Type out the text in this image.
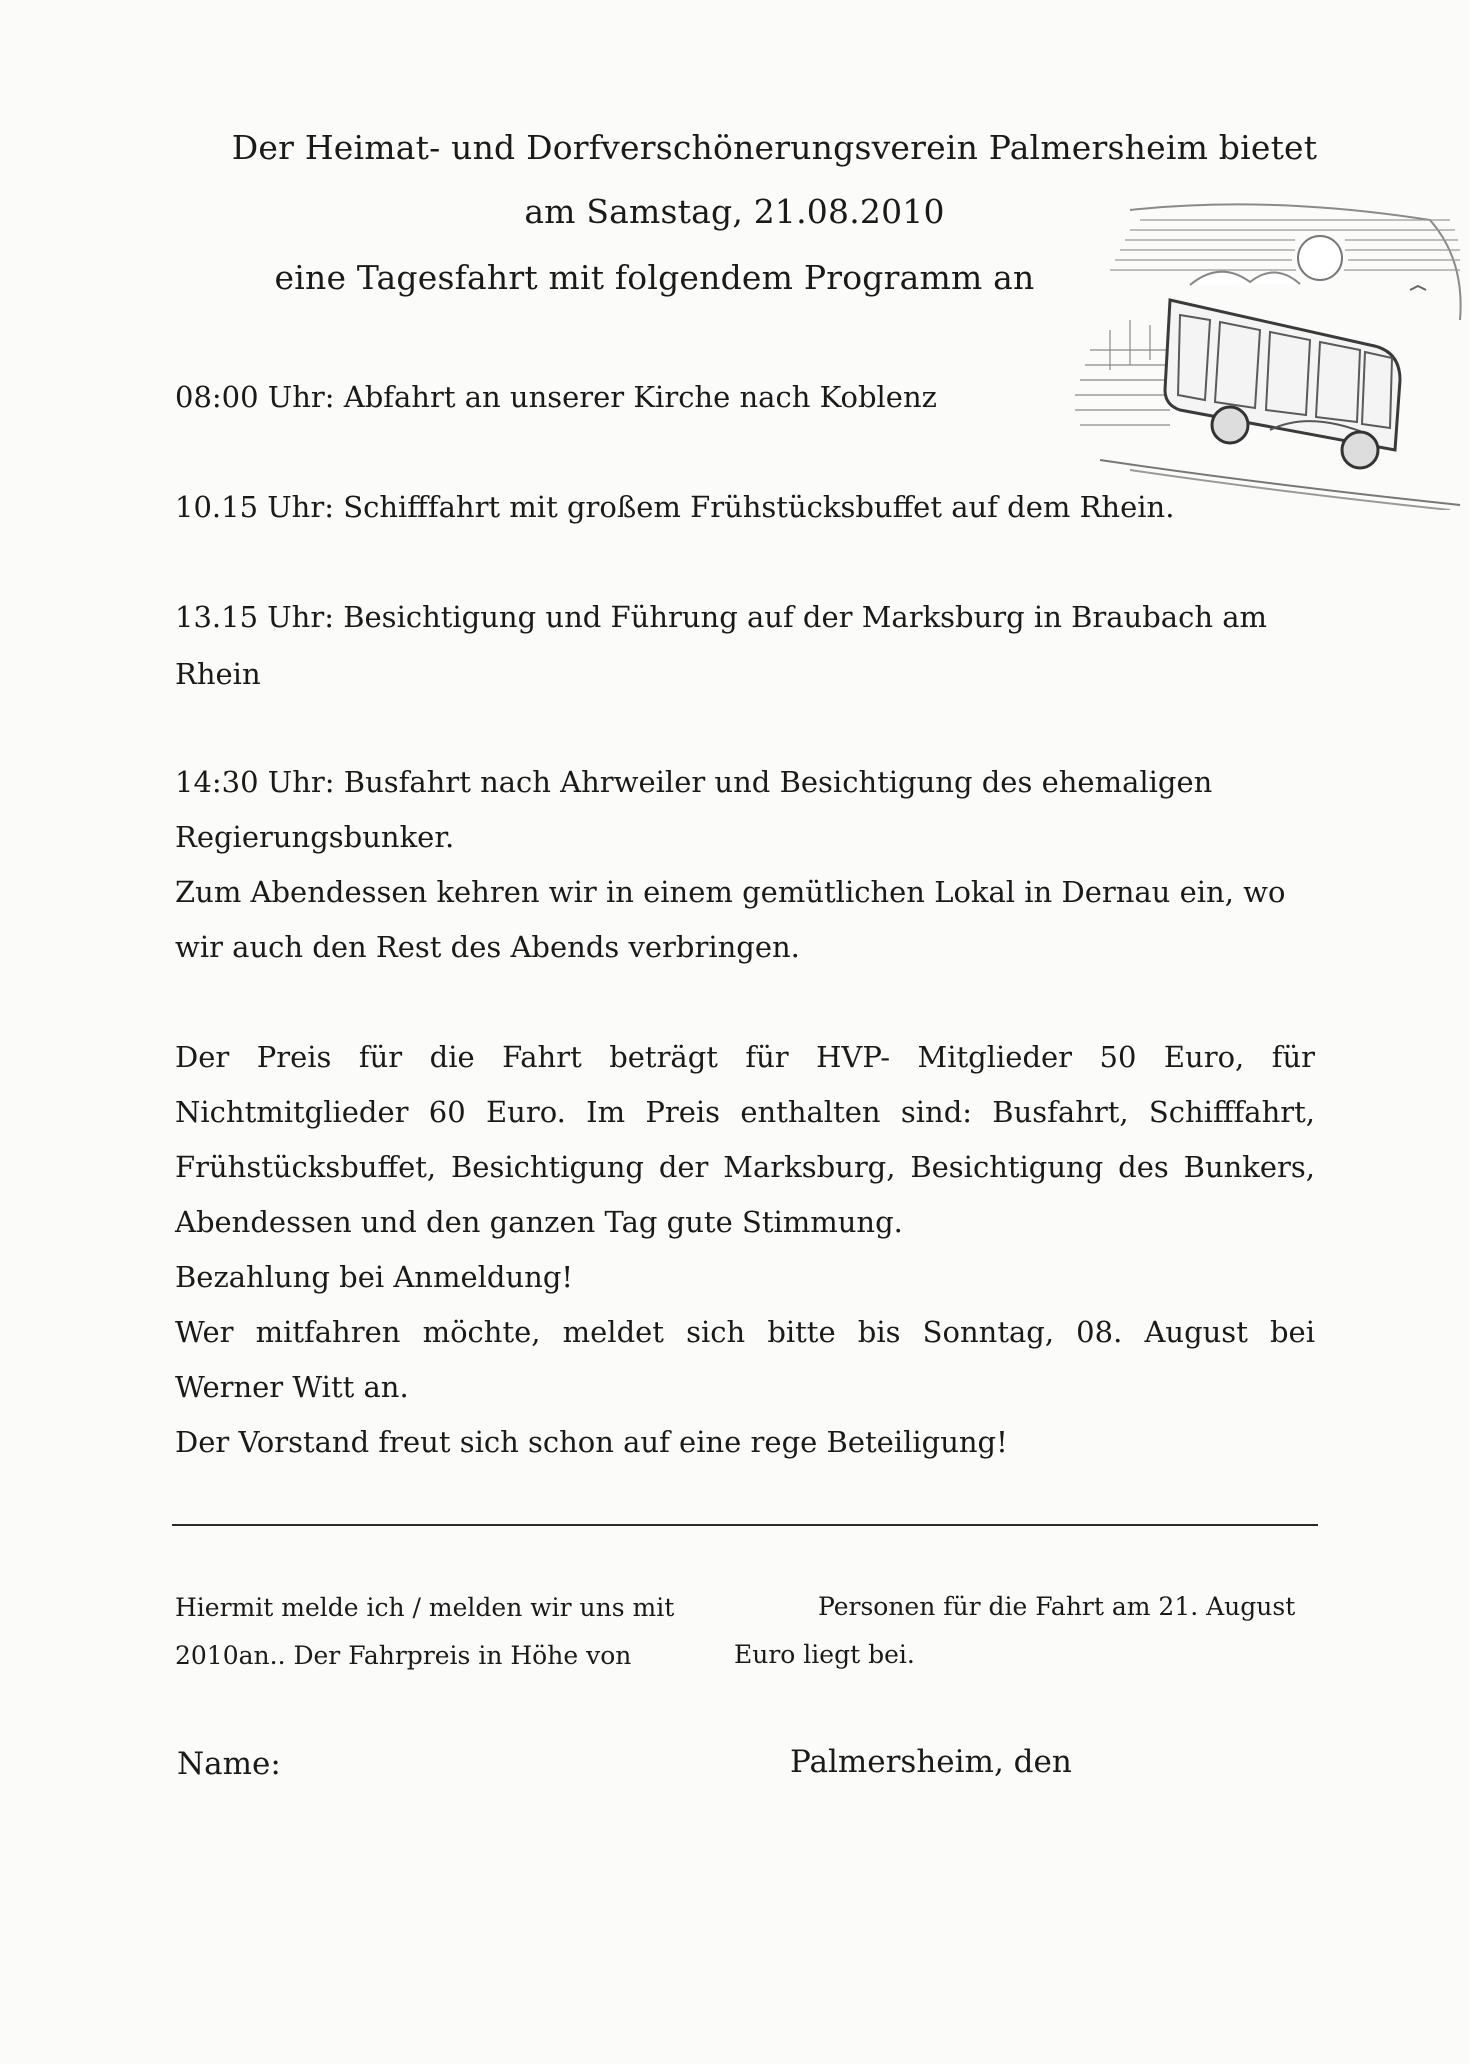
Der Heimat- und Dorfverschönerungsverein Palmersheim bietet
am Samstag, 21.08.2010
eine Tagesfahrt mit folgendem Programm an
08:00 Uhr: Abfahrt an unserer Kirche nach Koblenz
10.15 Uhr: Schifffahrt mit großem Frühstücksbuffet auf dem Rhein.
13.15 Uhr: Besichtigung und Führung auf der Marksburg in Braubach am
Rhein
14:30 Uhr: Busfahrt nach Ahrweiler und Besichtigung des ehemaligen
Regierungsbunker.
Zum Abendessen kehren wir in einem gemütlichen Lokal in Dernau ein, wo
wir auch den Rest des Abends verbringen.
Der Preis für die Fahrt beträgt für HVP- Mitglieder 50 Euro, für
Nichtmitglieder 60 Euro. Im Preis enthalten sind: Busfahrt, Schifffahrt,
Frühstücksbuffet, Besichtigung der Marksburg, Besichtigung des Bunkers,
Abendessen und den ganzen Tag gute Stimmung.
Bezahlung bei Anmeldung!
Wer mitfahren möchte, meldet sich bitte bis Sonntag, 08. August bei
Werner Witt an.
Der Vorstand freut sich schon auf eine rege Beteiligung!
Hiermit melde ich / melden wir uns mit	Personen für die Fahrt am 21. August
2010an.. Der Fahrpreis in Höhe von	Euro liegt bei.
Name:	Palmersheim, den
